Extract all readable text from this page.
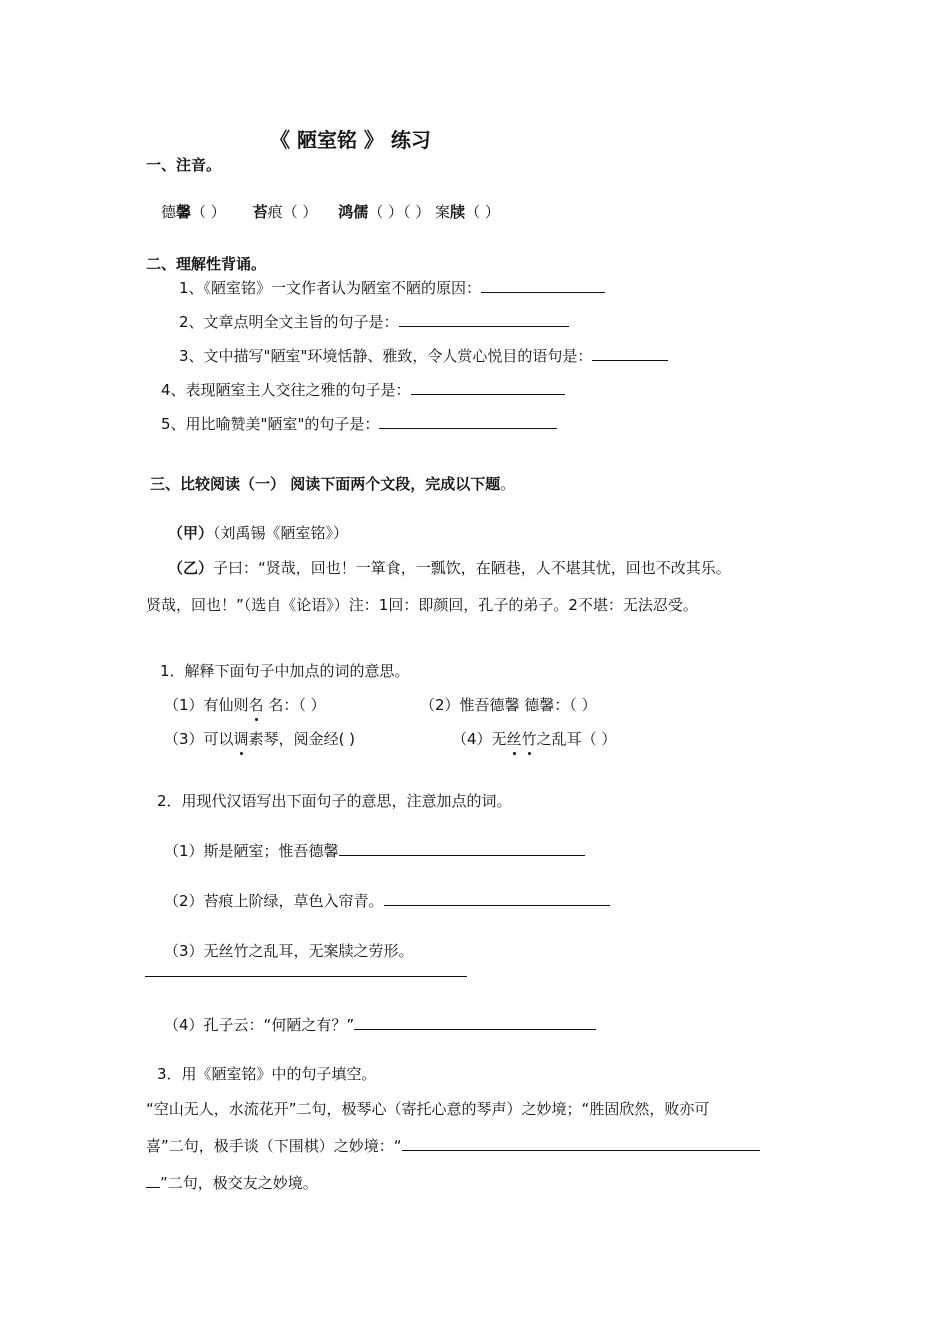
《 陋室铭 》 练习
一、注音。
德馨（ ） 苔痕（ ） 鸿儒（ ）（ ） 案牍（ ）
二、理解性背诵。
1、《陋室铭》一文作者认为陋室不陋的原因：
2、文章点明全文主旨的句子是：
3、文中描写"陋室"环境恬静、雅致，令人赏心悦目的语句是：
4、表现陋室主人交往之雅的句子是：
5、用比喻赞美"陋室"的句子是：
三、比较阅读（一） 阅读下面两个文段，完成以下题。
（甲）（刘禹锡《陋室铭》）
（乙）子曰：“贤哉，回也！一箪食，一瓢饮，在陋巷，人不堪其忧，回也不改其乐。
贤哉，回也！”（选自《论语》）注：1回：即颜回，孔子的弟子。2不堪：无法忍受。
1．解释下面句子中加点的词的意思。
（1）有仙则名 名：（ ）	（2）惟吾德馨 德馨：（ ）
（3）可以调素琴，阅金经( )	（4）无丝竹之乱耳（ ）
2．用现代汉语写出下面句子的意思，注意加点的词。
（1）斯是陋室；惟吾德馨
（2）苔痕上阶绿，草色入帘青。
（3）无丝竹之乱耳，无案牍之劳形。
（4）孔子云：“何陋之有？”
3．用《陋室铭》中的句子填空。
“空山无人，水流花开”二句，极琴心（寄托心意的琴声）之妙境；“胜固欣然，败亦可
喜”二句，极手谈（下围棋）之妙境：“
”二句，极交友之妙境。
